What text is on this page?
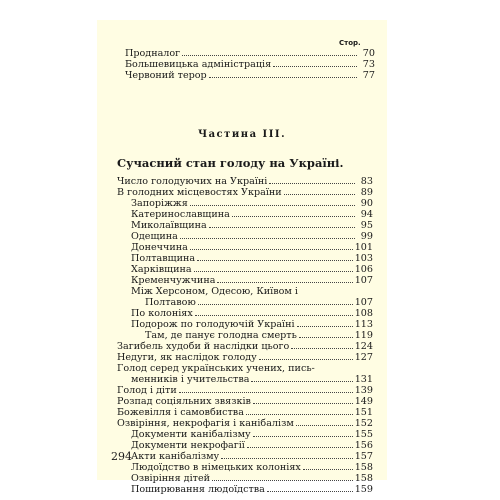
Стор.
Продналог	70
Большевицька адміністрація	73
Червоний терор	77
Частина III.
Сучасний стан голоду на Україні.
Число голодуючих на Україні	83
В голодних місцевостях України	89
Запоріжжя	90
Катеринославщина	94
Миколаївщина	95
Одещина	99
Донеччина	101
Полтавщина	103
Харківщина	106
Кременчужчина	107
Між Херсоном, Одесою, Київом і
Полтавою	107
По колоніях	108
Подорож по голодуючій Україні	113
Там, де панує голодна смерть	119
Загибель худоби й наслідки цього	124
Недуги, як наслідок голоду	127
Голод серед українських учених, пись-
менників і учительства	131
Голод і діти	139
Розпад соціяльних звязків	149
Божевілля і самовбиства	151
Озвіріння, некрофагія і канібалізм	152
Документи канібалізму	155
Документи некрофагії	156
Акти канібалізму	157
Людоїдство в німецьких колоніях	158
Озвіріння дітей	158
Поширювання людоїдства	159
294
